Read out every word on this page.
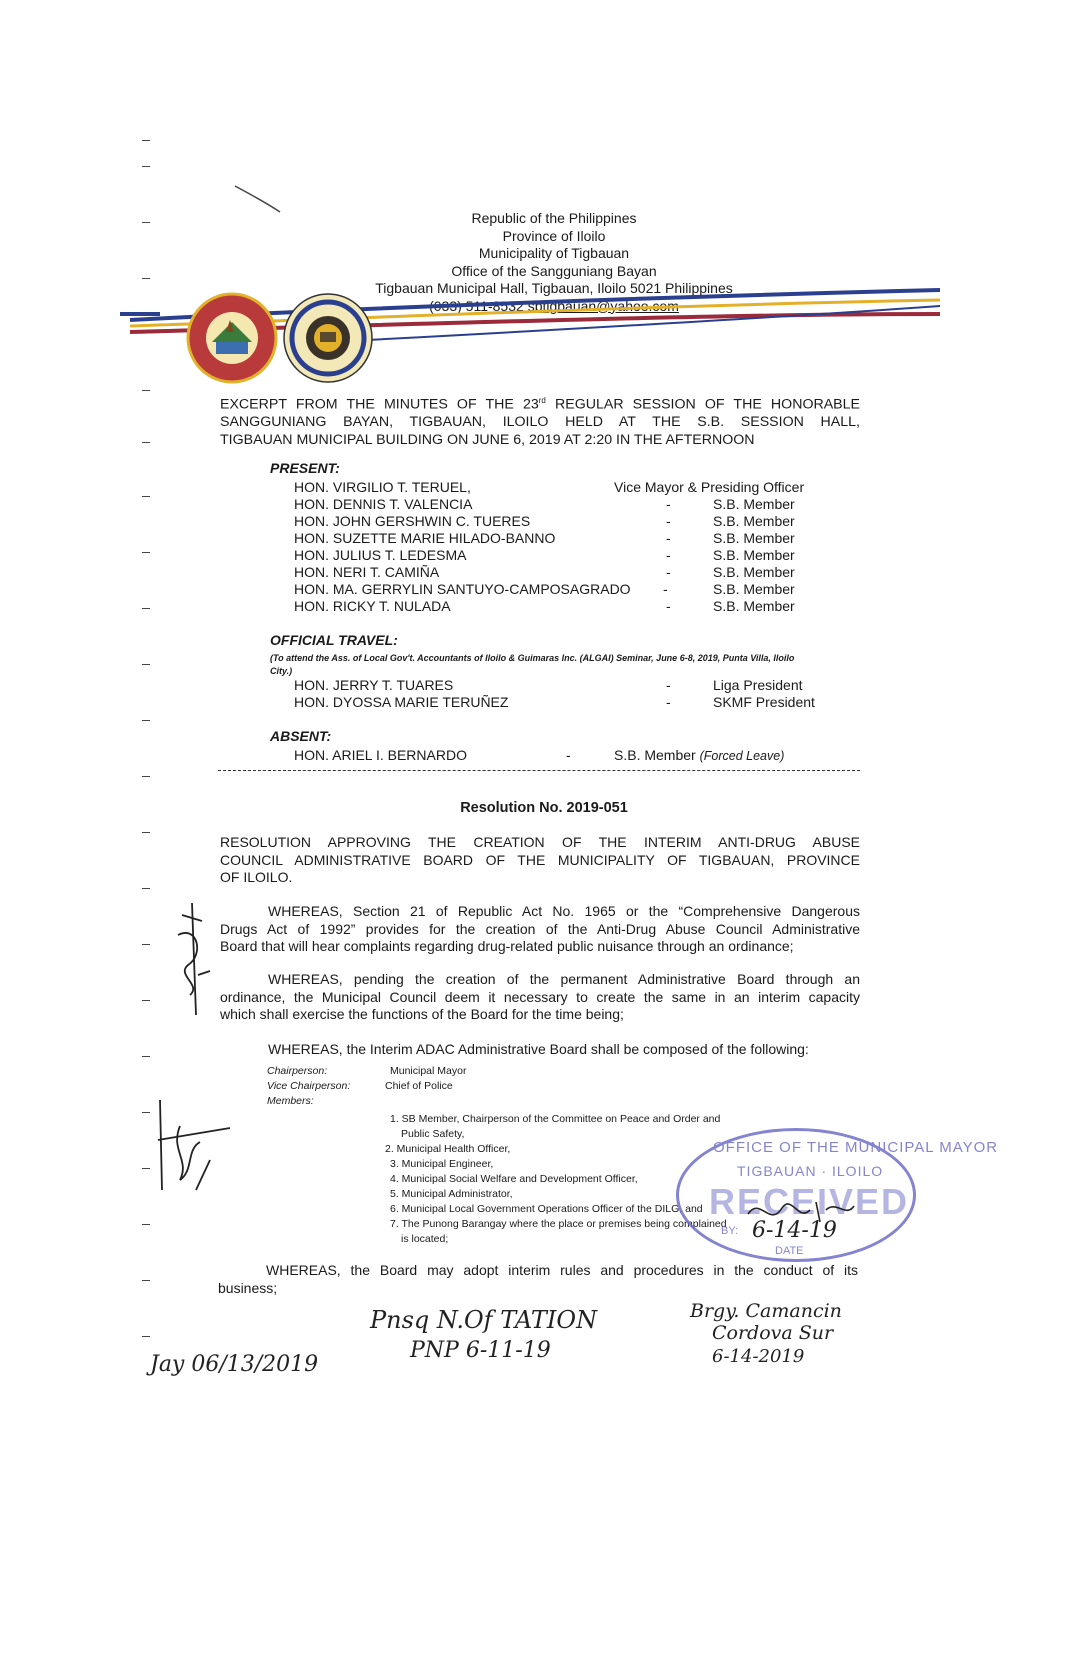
Republic of the Philippines
Province of Iloilo
Municipality of Tigbauan
Office of the Sangguniang Bayan
Tigbauan Municipal Hall, Tigbauan, Iloilo 5021 Philippines
(033) 511-8532 sbtigbauan@yahoo.com
EXCERPT FROM THE MINUTES OF THE 23rd REGULAR SESSION OF THE HONORABLE
SANGGUNIANG BAYAN, TIGBAUAN, ILOILO HELD AT THE S.B. SESSION HALL,
TIGBAUAN MUNICIPAL BUILDING ON JUNE 6, 2019 AT 2:20 IN THE AFTERNOON
PRESENT:
HON. VIRGILIO T. TERUEL,	Vice Mayor & Presiding Officer
HON. DENNIS T. VALENCIA	-	S.B. Member
HON. JOHN GERSHWIN C. TUERES	-	S.B. Member
HON. SUZETTE MARIE HILADO-BANNO	-	S.B. Member
HON. JULIUS T. LEDESMA	-	S.B. Member
HON. NERI T. CAMIÑA	-	S.B. Member
HON. MA. GERRYLIN SANTUYO-CAMPOSAGRADO -	S.B. Member
HON. RICKY T. NULADA	-	S.B. Member
OFFICIAL TRAVEL:
(To attend the Ass. of Local Gov't. Accountants of Iloilo & Guimaras Inc. (ALGAI) Seminar, June 6-8, 2019, Punta Villa, Iloilo
City.)
HON. JERRY T. TUARES	-	Liga President
HON. DYOSSA MARIE TERUÑEZ	-	SKMF President
ABSENT:
HON. ARIEL I. BERNARDO	-	S.B. Member (Forced Leave)
Resolution No. 2019-051
RESOLUTION APPROVING THE CREATION OF THE INTERIM ANTI-DRUG ABUSE
COUNCIL ADMINISTRATIVE BOARD OF THE MUNICIPALITY OF TIGBAUAN, PROVINCE
OF ILOILO.
WHEREAS, Section 21 of Republic Act No. 1965 or the “Comprehensive Dangerous
Drugs Act of 1992” provides for the creation of the Anti-Drug Abuse Council Administrative
Board that will hear complaints regarding drug-related public nuisance through an ordinance;
WHEREAS, pending the creation of the permanent Administrative Board through an
ordinance, the Municipal Council deem it necessary to create the same in an interim capacity
which shall exercise the functions of the Board for the time being;
WHEREAS, the Interim ADAC Administrative Board shall be composed of the following:
Chairperson:	Municipal Mayor
Vice Chairperson:	Chief of Police
Members:
1. SB Member, Chairperson of the Committee on Peace and Order and
Public Safety,
2. Municipal Health Officer,
3. Municipal Engineer,
4. Municipal Social Welfare and Development Officer,
5. Municipal Administrator,
6. Municipal Local Government Operations Officer of the DILG, and
7. The Punong Barangay where the place or premises being complained
is located;
WHEREAS, the Board may adopt interim rules and procedures in the conduct of its
business;
OFFICE OF THE MUNICIPAL MAYOR
TIGBAUAN · ILOILO
RECEIVED
BY:
DATE
6-14-19
Pnsq N.Of TATION
PNP 6-11-19
Brgy. Camancin
Cordova Sur
6-14-2019
Jay 06/13/2019
